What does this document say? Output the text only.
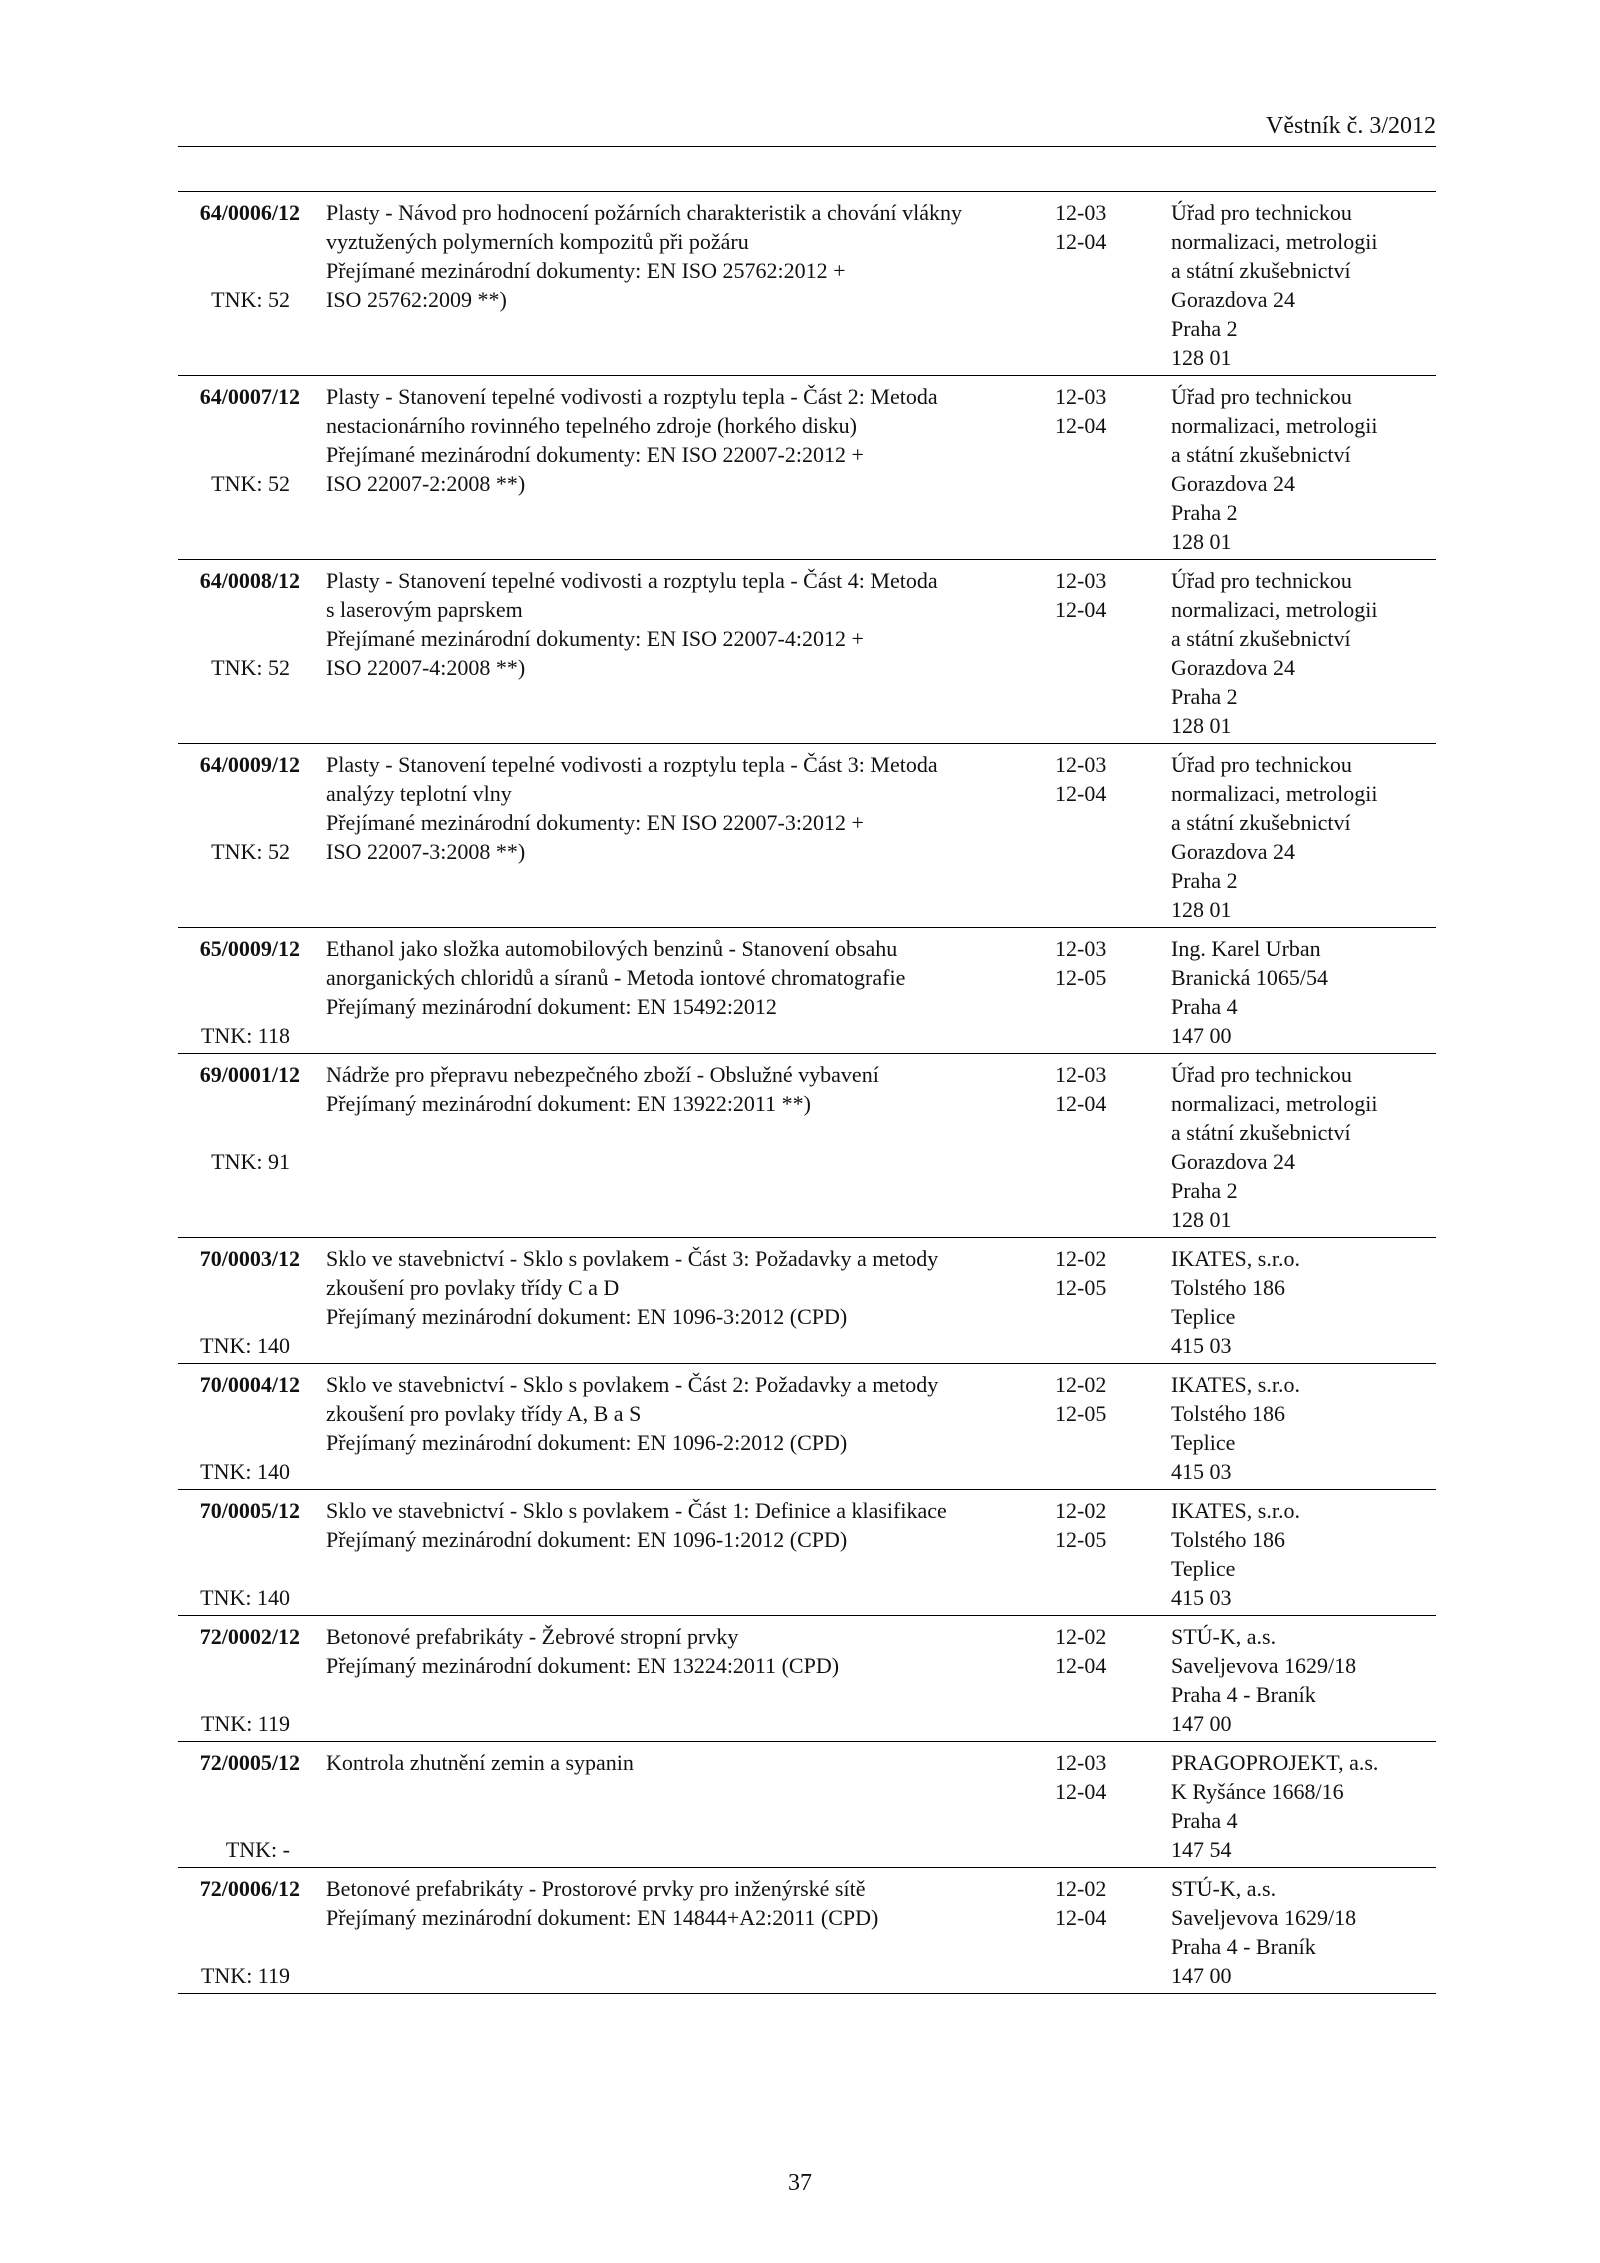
Věstník č. 3/2012
64/0006/12
TNK: 52
Plasty - Návod pro hodnocení požárních charakteristik a chování vlákny
vyztužených polymerních kompozitů při požáru
Přejímané mezinárodní dokumenty: EN ISO 25762:2012 +
ISO 25762:2009 **)
12-03
12-04
Úřad pro technickou
normalizaci, metrologii
a státní zkušebnictví
Gorazdova 24
Praha 2
128 01
64/0007/12
TNK: 52
Plasty - Stanovení tepelné vodivosti a rozptylu tepla - Část 2: Metoda
nestacionárního rovinného tepelného zdroje (horkého disku)
Přejímané mezinárodní dokumenty: EN ISO 22007-2:2012 +
ISO 22007-2:2008 **)
12-03
12-04
Úřad pro technickou
normalizaci, metrologii
a státní zkušebnictví
Gorazdova 24
Praha 2
128 01
64/0008/12
TNK: 52
Plasty - Stanovení tepelné vodivosti a rozptylu tepla - Část 4: Metoda
s laserovým paprskem
Přejímané mezinárodní dokumenty: EN ISO 22007-4:2012 +
ISO 22007-4:2008 **)
12-03
12-04
Úřad pro technickou
normalizaci, metrologii
a státní zkušebnictví
Gorazdova 24
Praha 2
128 01
64/0009/12
TNK: 52
Plasty - Stanovení tepelné vodivosti a rozptylu tepla - Část 3: Metoda
analýzy teplotní vlny
Přejímané mezinárodní dokumenty: EN ISO 22007-3:2012 +
ISO 22007-3:2008 **)
12-03
12-04
Úřad pro technickou
normalizaci, metrologii
a státní zkušebnictví
Gorazdova 24
Praha 2
128 01
65/0009/12
TNK: 118
Ethanol jako složka automobilových benzinů - Stanovení obsahu
anorganických chloridů a síranů - Metoda iontové chromatografie
Přejímaný mezinárodní dokument: EN 15492:2012
12-03
12-05
Ing. Karel Urban
Branická 1065/54
Praha 4
147 00
69/0001/12
TNK: 91
Nádrže pro přepravu nebezpečného zboží - Obslužné vybavení
Přejímaný mezinárodní dokument: EN 13922:2011 **)
12-03
12-04
Úřad pro technickou
normalizaci, metrologii
a státní zkušebnictví
Gorazdova 24
Praha 2
128 01
70/0003/12
TNK: 140
Sklo ve stavebnictví - Sklo s povlakem - Část 3: Požadavky a metody
zkoušení pro povlaky třídy C a D
Přejímaný mezinárodní dokument: EN 1096-3:2012 (CPD)
12-02
12-05
IKATES, s.r.o.
Tolstého 186
Teplice
415 03
70/0004/12
TNK: 140
Sklo ve stavebnictví - Sklo s povlakem - Část 2: Požadavky a metody
zkoušení pro povlaky třídy A, B a S
Přejímaný mezinárodní dokument: EN 1096-2:2012 (CPD)
12-02
12-05
IKATES, s.r.o.
Tolstého 186
Teplice
415 03
70/0005/12
TNK: 140
Sklo ve stavebnictví - Sklo s povlakem - Část 1: Definice a klasifikace
Přejímaný mezinárodní dokument: EN 1096-1:2012 (CPD)
12-02
12-05
IKATES, s.r.o.
Tolstého 186
Teplice
415 03
72/0002/12
TNK: 119
Betonové prefabrikáty - Žebrové stropní prvky
Přejímaný mezinárodní dokument: EN 13224:2011 (CPD)
12-02
12-04
STÚ-K, a.s.
Saveljevova 1629/18
Praha 4 - Braník
147 00
72/0005/12
TNK: -
Kontrola zhutnění zemin a sypanin	12-03
12-04
PRAGOPROJEKT, a.s.
K Ryšánce 1668/16
Praha 4
147 54
72/0006/12
TNK: 119
Betonové prefabrikáty - Prostorové prvky pro inženýrské sítě
Přejímaný mezinárodní dokument: EN 14844+A2:2011 (CPD)
12-02
12-04
STÚ-K, a.s.
Saveljevova 1629/18
Praha 4 - Braník
147 00
37
